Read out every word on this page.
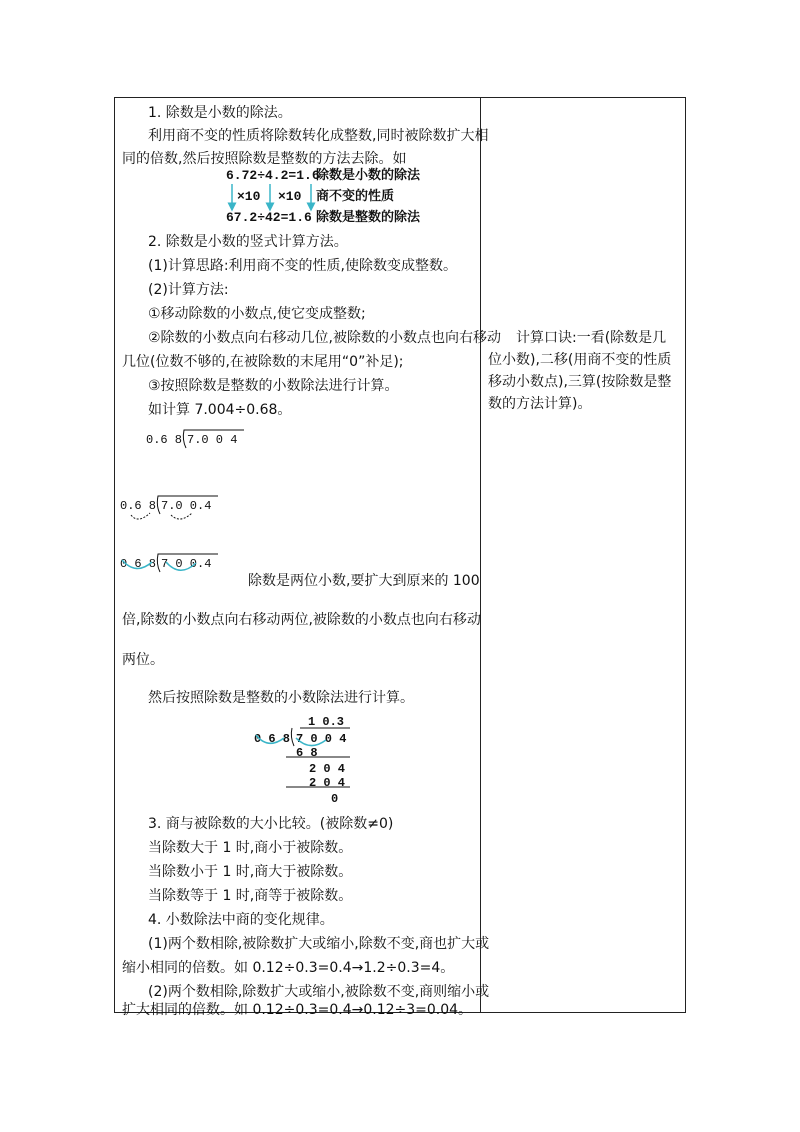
1. 除数是小数的除法。
利用商不变的性质将除数转化成整数,同时被除数扩大相
同的倍数,然后按照除数是整数的方法去除。如
6.72÷4.2=1.6
除数是小数的除法
×10 ×10 商不变的性质
67.2÷42=1.6 除数是整数的除法
2. 除数是小数的竖式计算方法。
(1)计算思路:利用商不变的性质,使除数变成整数。
(2)计算方法:
①移动除数的小数点,使它变成整数;
②除数的小数点向右移动几位,被除数的小数点也向右移动
几位(位数不够的,在被除数的末尾用“0”补足);
③按照除数是整数的小数除法进行计算。
如计算 7.004÷0.68。
0.6 8 7.0 0 4
0.6 8 7.0 0.4
0 6 8 7 0 0.4
除数是两位小数,要扩大到原来的 100
倍,除数的小数点向右移动两位,被除数的小数点也向右移动
两位。
然后按照除数是整数的小数除法进行计算。
1 0.3
0 6 8 7 0 0 4
6 8
2 0 4
2 0 4
0
3. 商与被除数的大小比较。(被除数≠0)
当除数大于 1 时,商小于被除数。
当除数小于 1 时,商大于被除数。
当除数等于 1 时,商等于被除数。
4. 小数除法中商的变化规律。
(1)两个数相除,被除数扩大或缩小,除数不变,商也扩大或
缩小相同的倍数。如 0.12÷0.3=0.4→1.2÷0.3=4。
(2)两个数相除,除数扩大或缩小,被除数不变,商则缩小或
扩大相同的倍数。如 0.12÷0.3=0.4→0.12÷3=0.04。

计算口诀:一看(除数是几位小数),二移(用商不变的性质移动小数点),三算(按除数是整数的方法计算)。
